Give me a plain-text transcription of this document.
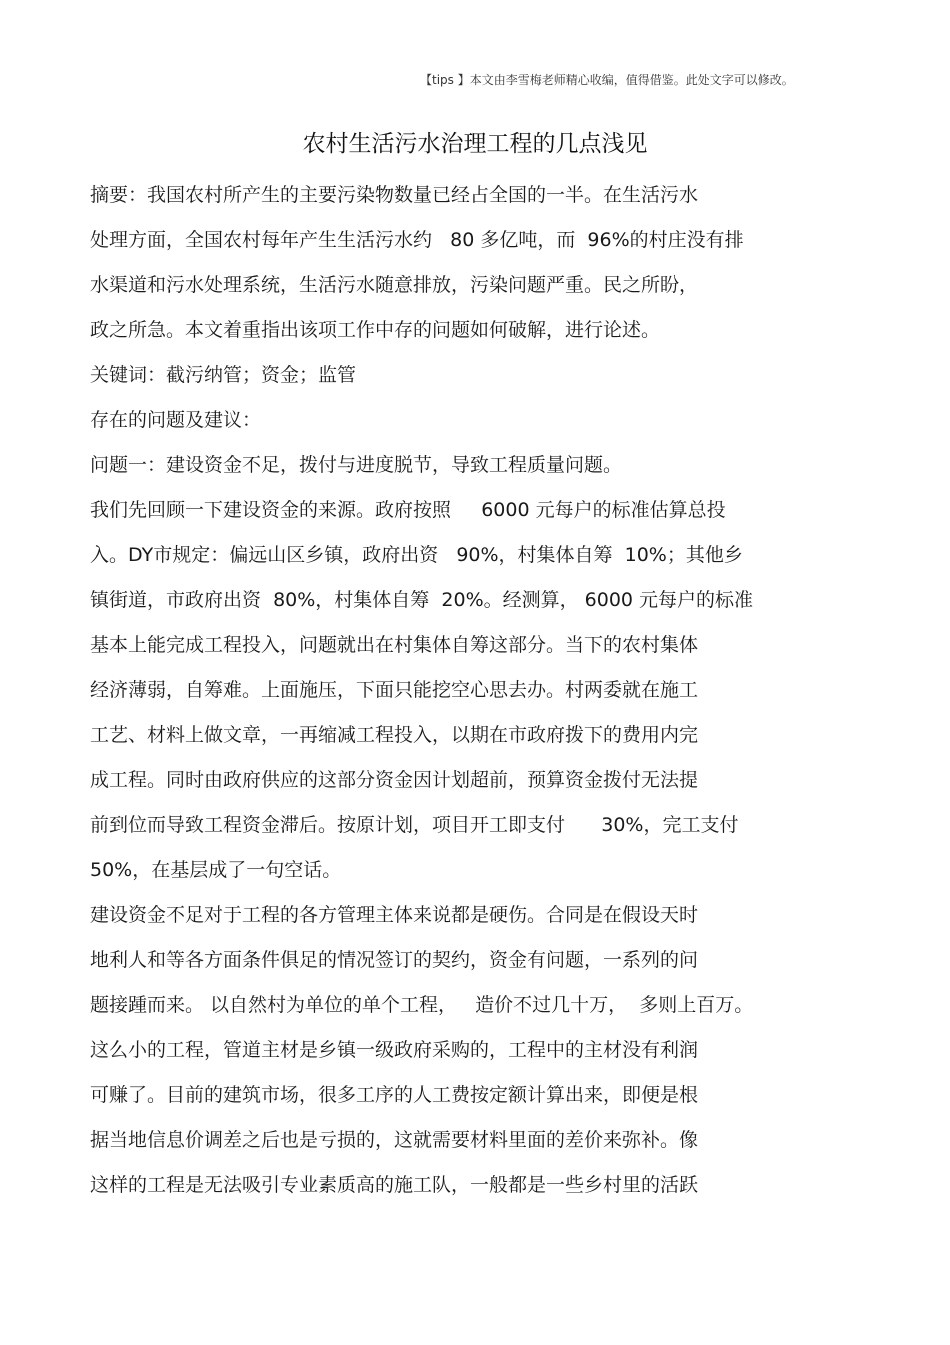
【tips 】本文由李雪梅老师精心收编，值得借鉴。此处文字可以修改。
农村生活污水治理工程的几点浅见
摘要：我国农村所产生的主要污染物数量已经占全国的一半。在生活污水
处理方面，全国农村每年产生生活污水约   80 多亿吨，而  96%的村庄没有排
水渠道和污水处理系统，生活污水随意排放，污染问题严重。民之所盼，
政之所急。本文着重指出该项工作中存的问题如何破解，进行论述。
关键词：截污纳管；资金；监管
存在的问题及建议：
问题一：建设资金不足，拨付与进度脱节，导致工程质量问题。
我们先回顾一下建设资金的来源。政府按照     6000 元每户的标准估算总投
入。DY市规定：偏远山区乡镇，政府出资   90%，村集体自筹  10%；其他乡
镇街道，市政府出资  80%，村集体自筹  20%。经测算， 6000 元每户的标准
基本上能完成工程投入，问题就出在村集体自筹这部分。当下的农村集体
经济薄弱，自筹难。上面施压，下面只能挖空心思去办。村两委就在施工
工艺、材料上做文章，一再缩减工程投入，以期在市政府拨下的费用内完
成工程。同时由政府供应的这部分资金因计划超前，预算资金拨付无法提
前到位而导致工程资金滞后。按原计划，项目开工即支付      30%，完工支付
50%，在基层成了一句空话。
建设资金不足对于工程的各方管理主体来说都是硬伤。合同是在假设天时
地利人和等各方面条件俱足的情况签订的契约，资金有问题，一系列的问
题接踵而来。 以自然村为单位的单个工程，   造价不过几十万，  多则上百万。
这么小的工程，管道主材是乡镇一级政府采购的，工程中的主材没有利润
可赚了。目前的建筑市场，很多工序的人工费按定额计算出来，即便是根
据当地信息价调差之后也是亏损的，这就需要材料里面的差价来弥补。像
这样的工程是无法吸引专业素质高的施工队，一般都是一些乡村里的活跃
